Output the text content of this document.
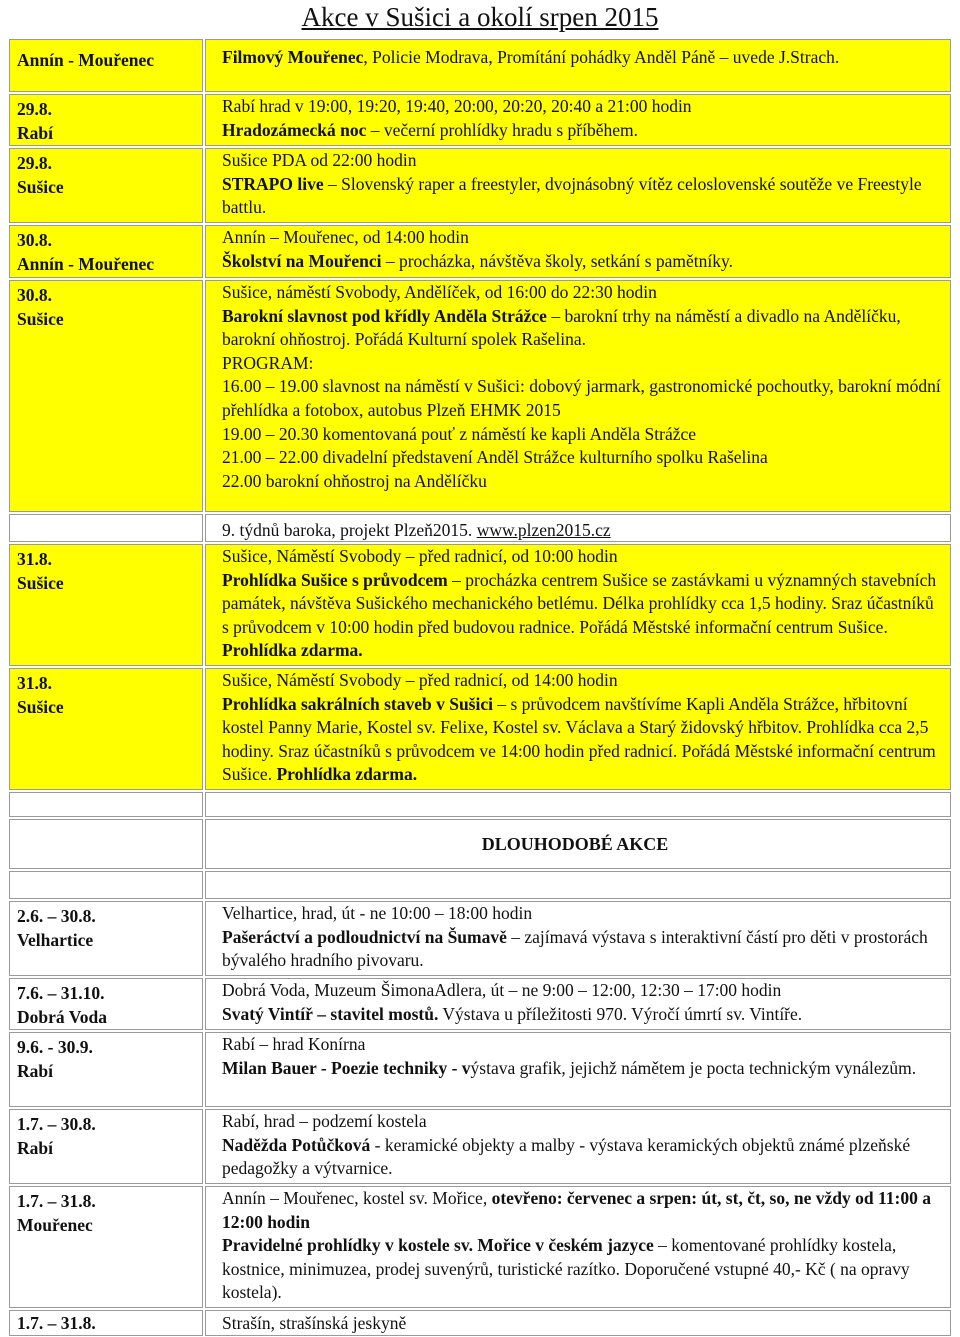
Akce v Sušici a okolí srpen 2015
Annín - Mouřenec	Filmový Mouřenec, Policie Modrava, Promítání pohádky Anděl Páně – uvede J.Strach.
29.8.
Rabí
Rabí hrad v 19:00, 19:20, 19:40, 20:00, 20:20, 20:40 a 21:00 hodin
Hradozámecká noc – večerní prohlídky hradu s příběhem.
29.8.
Sušice
Sušice PDA od 22:00 hodin
STRAPO live – Slovenský raper a freestyler, dvojnásobný vítěz celoslovenské soutěže ve Freestyle battlu.
30.8.
Annín - Mouřenec
Annín – Mouřenec, od 14:00 hodin
Školství na Mouřenci – procházka, návštěva školy, setkání s pamětníky.
30.8.
Sušice
Sušice, náměstí Svobody, Andělíček, od 16:00 do 22:30 hodin
Barokní slavnost pod křídly Anděla Strážce – barokní trhy na náměstí a divadlo na Andělíčku, barokní ohňostroj. Pořádá Kulturní spolek Rašelina.
PROGRAM:
16.00 – 19.00 slavnost na náměstí v Sušici: dobový jarmark, gastronomické pochoutky, barokní módní přehlídka a fotobox, autobus Plzeň EHMK 2015
19.00 – 20.30 komentovaná pouť z náměstí ke kapli Anděla Strážce
21.00 – 22.00 divadelní představení Anděl Strážce kulturního spolku Rašelina
22.00 barokní ohňostroj na Andělíčku
9. týdnů baroka, projekt Plzeň2015. www.plzen2015.cz
31.8.
Sušice
Sušice, Náměstí Svobody – před radnicí, od 10:00 hodin
Prohlídka Sušice s průvodcem – procházka centrem Sušice se zastávkami u významných stavebních památek, návštěva Sušického mechanického betlému. Délka prohlídky cca 1,5 hodiny. Sraz účastníků s průvodcem v 10:00 hodin před budovou radnice. Pořádá Městské informační centrum Sušice. Prohlídka zdarma.
31.8.
Sušice
Sušice, Náměstí Svobody – před radnicí, od 14:00 hodin
Prohlídka sakrálních staveb v Sušici – s průvodcem navštívíme Kapli Anděla Strážce, hřbitovní kostel Panny Marie, Kostel sv. Felixe, Kostel sv. Václava a Starý židovský hřbitov. Prohlídka cca 2,5 hodiny. Sraz účastníků s průvodcem ve 14:00 hodin před radnicí. Pořádá Městské informační centrum Sušice. Prohlídka zdarma.
DLOUHODOBÉ AKCE
2.6. – 30.8.
Velhartice
Velhartice, hrad, út - ne 10:00 – 18:00 hodin
Pašeráctví a podloudnictví na Šumavě – zajímavá výstava s interaktivní částí pro děti v prostorách bývalého hradního pivovaru.
7.6. – 31.10.
Dobrá Voda
Dobrá Voda, Muzeum ŠimonaAdlera, út – ne 9:00 – 12:00, 12:30 – 17:00 hodin
Svatý Vintíř – stavitel mostů. Výstava u příležitosti 970. Výročí úmrtí sv. Vintíře.
9.6. - 30.9.
Rabí
Rabí – hrad Konírna
Milan Bauer - Poezie techniky - výstava grafik, jejichž námětem je pocta technickým vynálezům.
1.7. – 30.8.
Rabí
Rabí, hrad – podzemí kostela
Naděžda Potůčková - keramické objekty a malby - výstava keramických objektů známé plzeňské pedagožky a výtvarnice.
1.7. – 31.8.
Mouřenec
Annín – Mouřenec, kostel sv. Mořice, otevřeno: červenec a srpen: út, st, čt, so, ne vždy od 11:00 a 12:00 hodin
Pravidelné prohlídky v kostele sv. Mořice v českém jazyce – komentované prohlídky kostela, kostnice, minimuzea, prodej suvenýrů, turistické razítko. Doporučené vstupné 40,- Kč ( na opravy kostela).
1.7. – 31.8.	Strašín, strašínská jeskyně
